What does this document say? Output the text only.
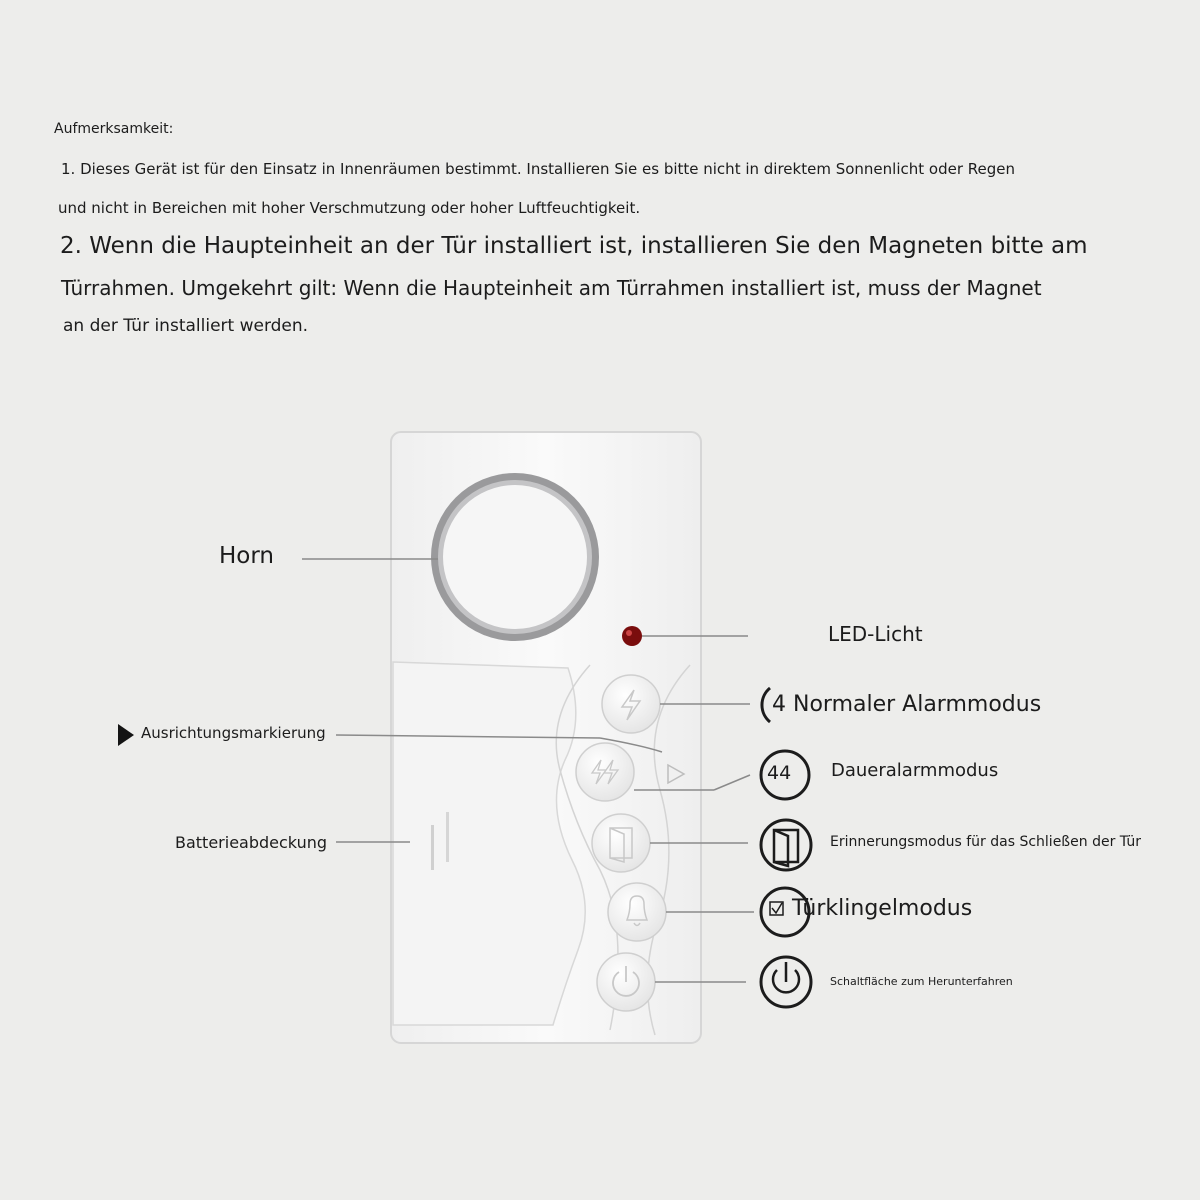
Aufmerksamkeit:
1. Dieses Gerät ist für den Einsatz in Innenräumen bestimmt. Installieren Sie es bitte nicht in direktem Sonnenlicht oder Regen
und nicht in Bereichen mit hoher Verschmutzung oder hoher Luftfeuchtigkeit.
2. Wenn die Haupteinheit an der Tür installiert ist, installieren Sie den Magneten bitte am
Türrahmen. Umgekehrt gilt: Wenn die Haupteinheit am Türrahmen installiert ist, muss der Magnet
an der Tür installiert werden.
Horn
LED-Licht
Ausrichtungsmarkierung
Batterieabdeckung
4 Normaler Alarmmodus
44 Daueralarmmodus
Erinnerungsmodus für das Schließen der Tür
Türklingelmodus
Schaltfläche zum Herunterfahren
